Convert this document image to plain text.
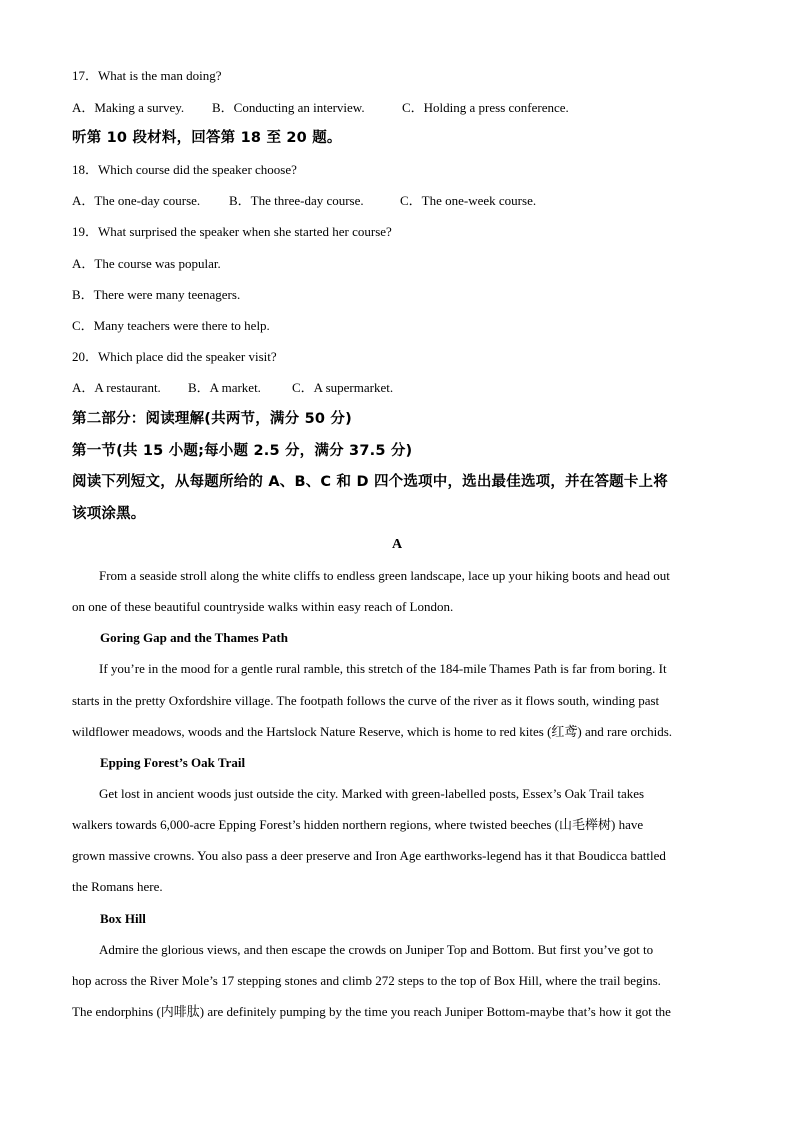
17．What is the man doing?
A．Making a survey. B．Conducting an interview.	C．Holding a press conference.
听第 10 段材料，回答第 18 至 20 题。
18．Which course did the speaker choose?
A．The one-day course. B．The three-day course.	C．The one-week course.
19．What surprised the speaker when she started her course?
A．The course was popular.
B．There were many teenagers.
C．Many teachers were there to help.
20．Which place did the speaker visit?
A．A restaurant. B．A market. C．A supermarket.
第二部分：阅读理解(共两节，满分 50 分)
第一节(共 15 小题;每小题 2.5 分，满分 37.5 分)
阅读下列短文，从每题所给的 A、B、C 和 D 四个选项中，选出最佳选项，并在答题卡上将
该项涂黑。
A
From a seaside stroll along the white cliffs to endless green landscape, lace up your hiking boots and head out
on one of these beautiful countryside walks within easy reach of London.
Goring Gap and the Thames Path
If you’re in the mood for a gentle rural ramble, this stretch of the 184-mile Thames Path is far from boring. It
starts in the pretty Oxfordshire village. The footpath follows the curve of the river as it flows south, winding past
wildflower meadows, woods and the Hartslock Nature Reserve, which is home to red kites (红鸢) and rare orchids.
Epping Forest’s Oak Trail
Get lost in ancient woods just outside the city. Marked with green-labelled posts, Essex’s Oak Trail takes
walkers towards 6,000-acre Epping Forest’s hidden northern regions, where twisted beeches (山毛榉树) have
grown massive crowns. You also pass a deer preserve and Iron Age earthworks-legend has it that Boudicca battled
the Romans here.
Box Hill
Admire the glorious views, and then escape the crowds on Juniper Top and Bottom. But first you’ve got to
hop across the River Mole’s 17 stepping stones and climb 272 steps to the top of Box Hill, where the trail begins.
The endorphins (内啡肽) are definitely pumping by the time you reach Juniper Bottom-maybe that’s how it got the
